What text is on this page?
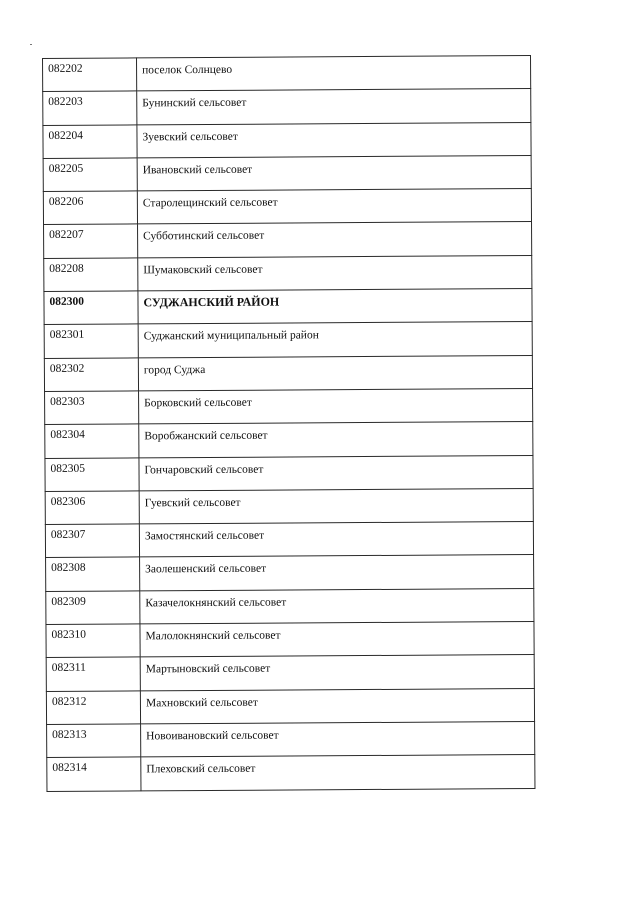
082202	поселок Солнцево
082203	Бунинский сельсовет
082204	Зуевский сельсовет
082205	Ивановский сельсовет
082206	Старолещинский сельсовет
082207	Субботинский сельсовет
082208	Шумаковский сельсовет
082300	СУДЖАНСКИЙ РАЙОН
082301	Суджанский муниципальный район
082302	город Суджа
082303	Борковский сельсовет
082304	Воробжанский сельсовет
082305	Гончаровский сельсовет
082306	Гуевский сельсовет
082307	Замостянский сельсовет
082308	Заолешенский сельсовет
082309	Казачелокнянский сельсовет
082310	Малолокнянский сельсовет
082311	Мартыновский сельсовет
082312	Махновский сельсовет
082313	Новоивановский сельсовет
082314	Плеховский сельсовет
